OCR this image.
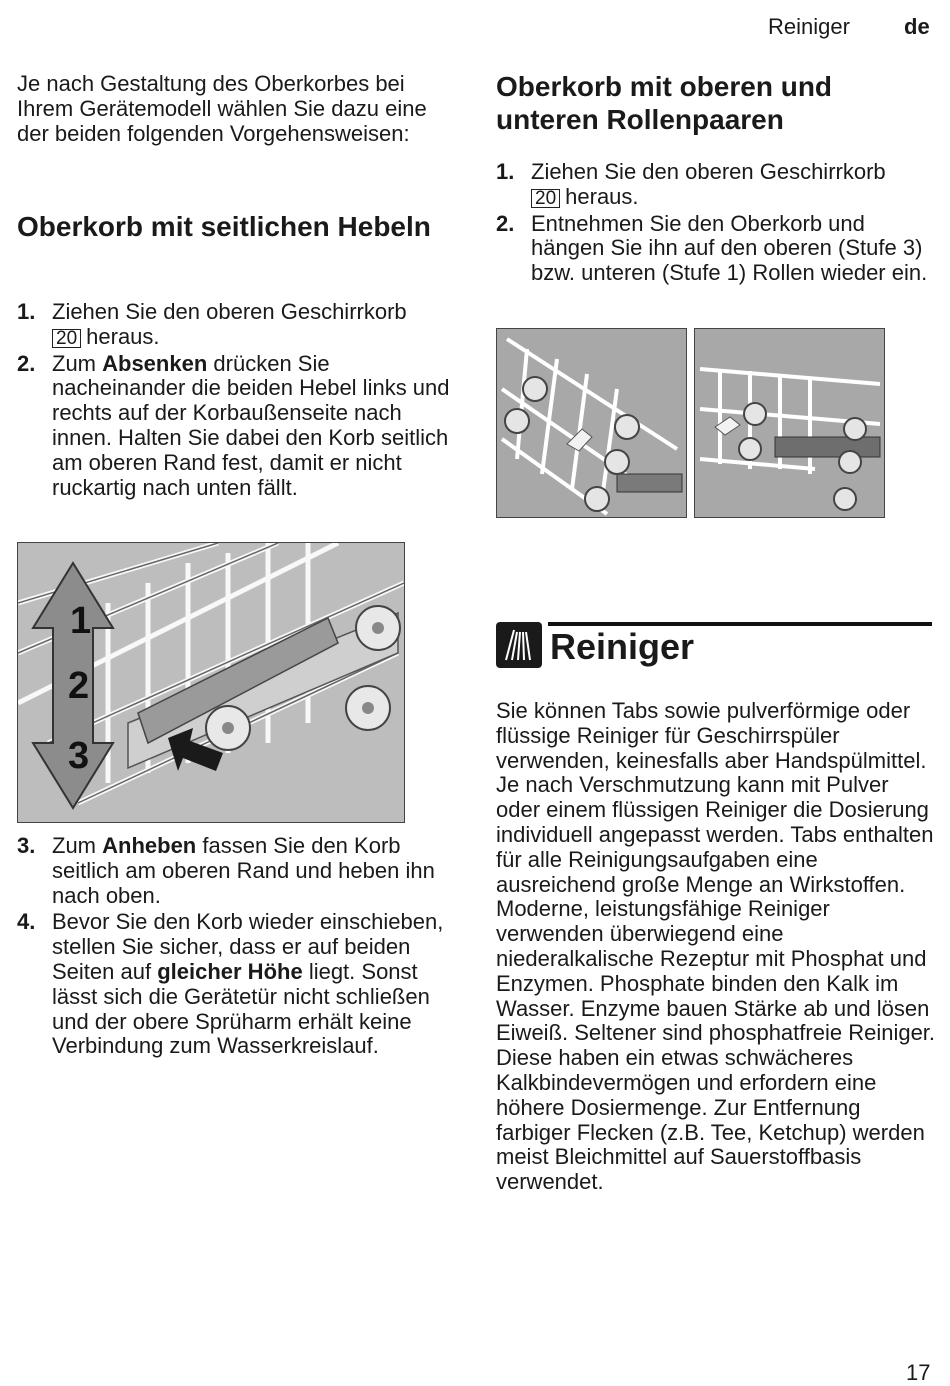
Reiniger de

Je nach Gestaltung des Oberkorbes bei Ihrem Gerätemodell wählen Sie dazu eine der beiden folgenden Vorgehensweisen:

Oberkorb mit seitlichen Hebeln
1. Ziehen Sie den oberen Geschirrkorb
20 heraus.
2. Zum Absenken drücken Sie nacheinander die beiden Hebel links und rechts auf der Korbaußenseite nach innen. Halten Sie dabei den Korb seitlich am oberen Rand fest, damit er nicht ruckartig nach unten fällt.
1
2
3
3. Zum Anheben fassen Sie den Korb seitlich am oberen Rand und heben ihn nach oben.
4. Bevor Sie den Korb wieder einschieben, stellen Sie sicher, dass er auf beiden Seiten auf gleicher Höhe liegt. Sonst lässt sich die Gerätetür nicht schließen und der obere Sprüharm erhält keine Verbindung zum Wasserkreislauf.
Oberkorb mit oberen und unteren Rollenpaaren
1. Ziehen Sie den oberen Geschirrkorb
20 heraus.
2. Entnehmen Sie den Oberkorb und hängen Sie ihn auf den oberen (Stufe 3) bzw. unteren (Stufe 1) Rollen wieder ein.
Reiniger

Sie können Tabs sowie pulverförmige oder flüssige Reiniger für Geschirrspüler verwenden, keinesfalls aber Handspülmittel. Je nach Verschmutzung kann mit Pulver oder einem flüssigen Reiniger die Dosierung individuell angepasst werden. Tabs enthalten für alle Reinigungsaufgaben eine ausreichend große Menge an Wirkstoffen. Moderne, leistungsfähige Reiniger verwenden überwiegend eine niederalkalische Rezeptur mit Phosphat und Enzymen. Phosphate binden den Kalk im Wasser. Enzyme bauen Stärke ab und lösen Eiweiß. Seltener sind phosphatfreie Reiniger. Diese haben ein etwas schwächeres Kalkbindevermögen und erfordern eine höhere Dosiermenge. Zur Entfernung farbiger Flecken (z.B. Tee, Ketchup) werden meist Bleichmittel auf Sauerstoffbasis verwendet.

17
